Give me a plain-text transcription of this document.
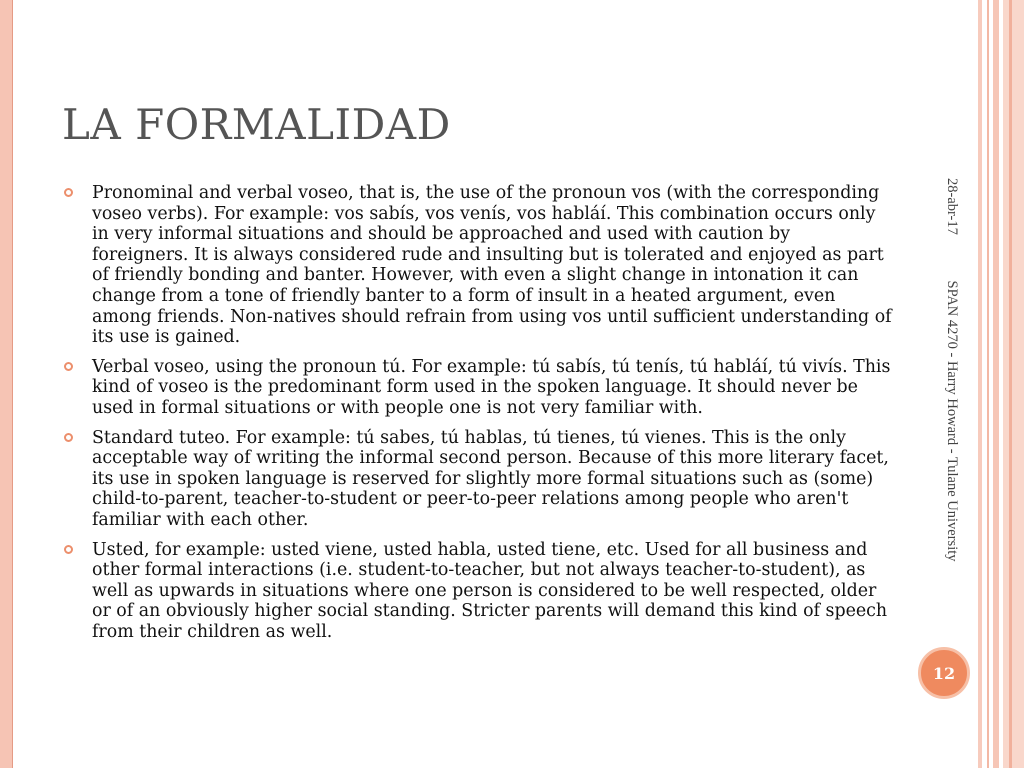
LA FORMALIDAD
Pronominal and verbal voseo, that is, the use of the pronoun vos (with the corresponding voseo verbs). For example: vos sabís, vos venís, vos habláí. This combination occurs only in very informal situations and should be approached and used with caution by foreigners. It is always considered rude and insulting but is tolerated and enjoyed as part of friendly bonding and banter. However, with even a slight change in intonation it can change from a tone of friendly banter to a form of insult in a heated argument, even among friends. Non-natives should refrain from using vos until sufficient understanding of its use is gained.
Verbal voseo, using the pronoun tú. For example: tú sabís, tú tenís, tú habláí, tú vivís. This kind of voseo is the predominant form used in the spoken language. It should never be used in formal situations or with people one is not very familiar with.
Standard tuteo. For example: tú sabes, tú hablas, tú tienes, tú vienes. This is the only acceptable way of writing the informal second person. Because of this more literary facet, its use in spoken language is reserved for slightly more formal situations such as (some) child-to-parent, teacher-to-student or peer-to-peer relations among people who aren't familiar with each other.
Usted, for example: usted viene, usted habla, usted tiene, etc. Used for all business and other formal interactions (i.e. student-to-teacher, but not always teacher-to-student), as well as upwards in situations where one person is considered to be well respected, older or of an obviously higher social standing. Stricter parents will demand this kind of speech from their children as well.
28-abr-17 SPAN 4270 - Harry Howard - Tulane University
12
